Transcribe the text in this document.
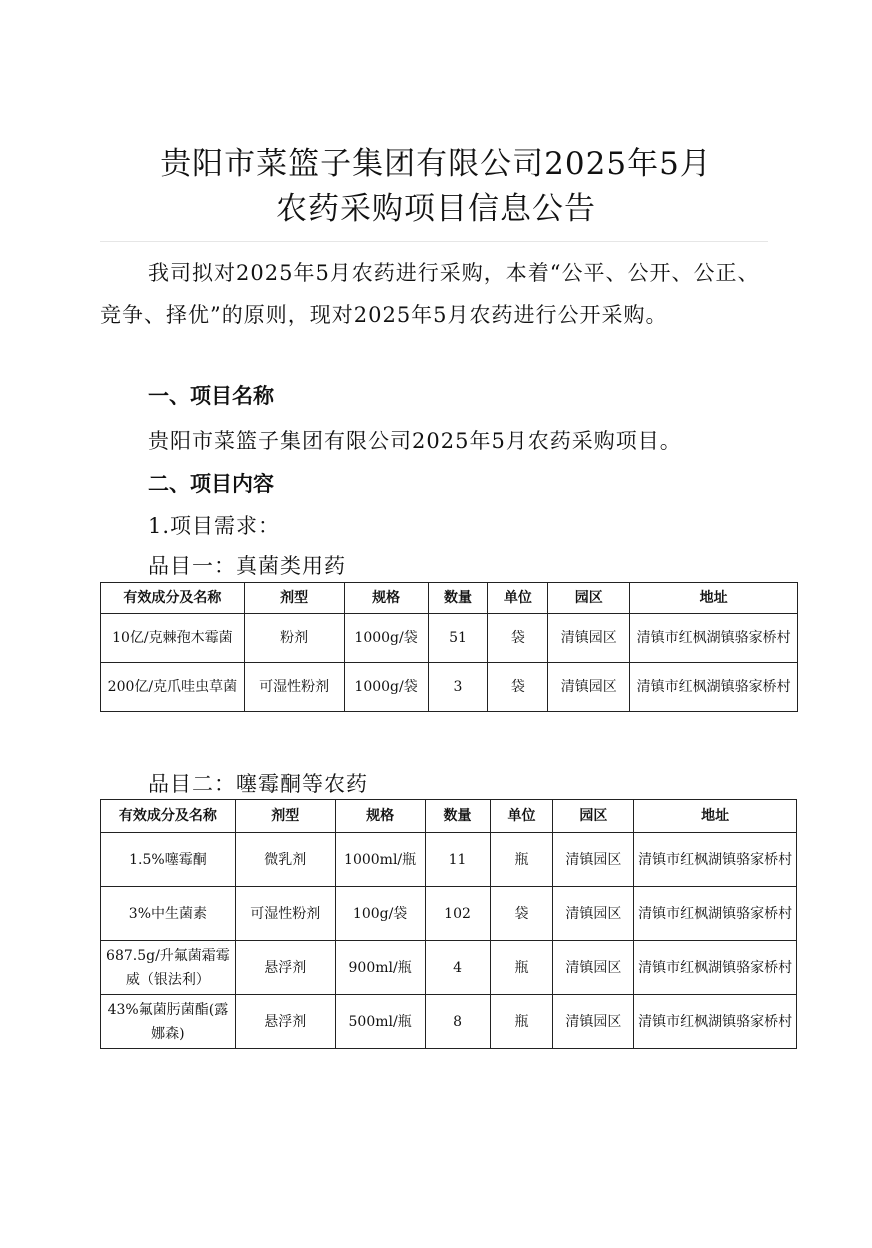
贵阳市菜篮子集团有限公司2025年5月
农药采购项目信息公告

我司拟对2025年5月农药进行采购，本着“公平、公开、公正、竞争、择优”的原则，现对2025年5月农药进行公开采购。

一、项目名称
贵阳市菜篮子集团有限公司2025年5月农药采购项目。
二、项目内容
1.项目需求：
品目一：真菌类用药
有效成分及名称	剂型	规格	数量	单位	园区	地址
10亿/克棘孢木霉菌	粉剂	1000g/袋	51	袋	清镇园区	清镇市红枫湖镇骆家桥村
200亿/克爪哇虫草菌	可湿性粉剂	1000g/袋	3	袋	清镇园区	清镇市红枫湖镇骆家桥村
品目二：噻霉酮等农药
有效成分及名称	剂型	规格	数量	单位	园区	地址
1.5%噻霉酮	微乳剂	1000ml/瓶	11	瓶	清镇园区	清镇市红枫湖镇骆家桥村
3%中生菌素	可湿性粉剂	100g/袋	102	袋	清镇园区	清镇市红枫湖镇骆家桥村
687.5g/升氟菌霜霉威（银法利）	悬浮剂	900ml/瓶	4	瓶	清镇园区	清镇市红枫湖镇骆家桥村
43%氟菌肟菌酯(露娜森)	悬浮剂	500ml/瓶	8	瓶	清镇园区	清镇市红枫湖镇骆家桥村
